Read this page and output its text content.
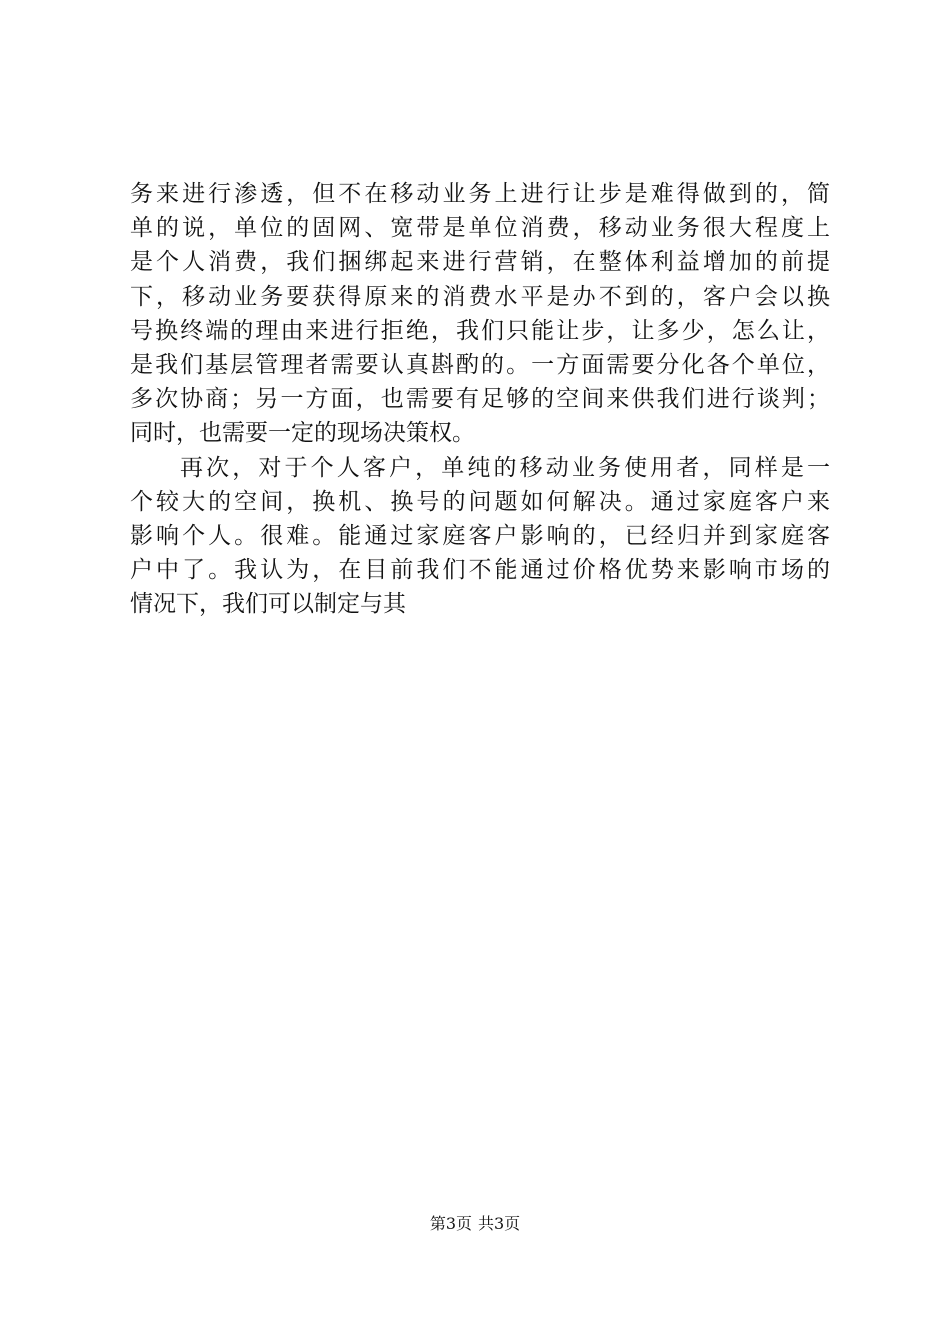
务来进行渗透，但不在移动业务上进行让步是难得做到的，简
单的说，单位的固网、宽带是单位消费，移动业务很大程度上
是个人消费，我们捆绑起来进行营销，在整体利益增加的前提
下，移动业务要获得原来的消费水平是办不到的，客户会以换
号换终端的理由来进行拒绝，我们只能让步，让多少，怎么让，
是我们基层管理者需要认真斟酌的。一方面需要分化各个单位，
多次协商；另一方面，也需要有足够的空间来供我们进行谈判；
同时，也需要一定的现场决策权。
再次，对于个人客户，单纯的移动业务使用者，同样是一
个较大的空间，换机、换号的问题如何解决。通过家庭客户来
影响个人。很难。能通过家庭客户影响的，已经归并到家庭客
户中了。我认为，在目前我们不能通过价格优势来影响市场的
情况下，我们可以制定与其
第3页 共3页
